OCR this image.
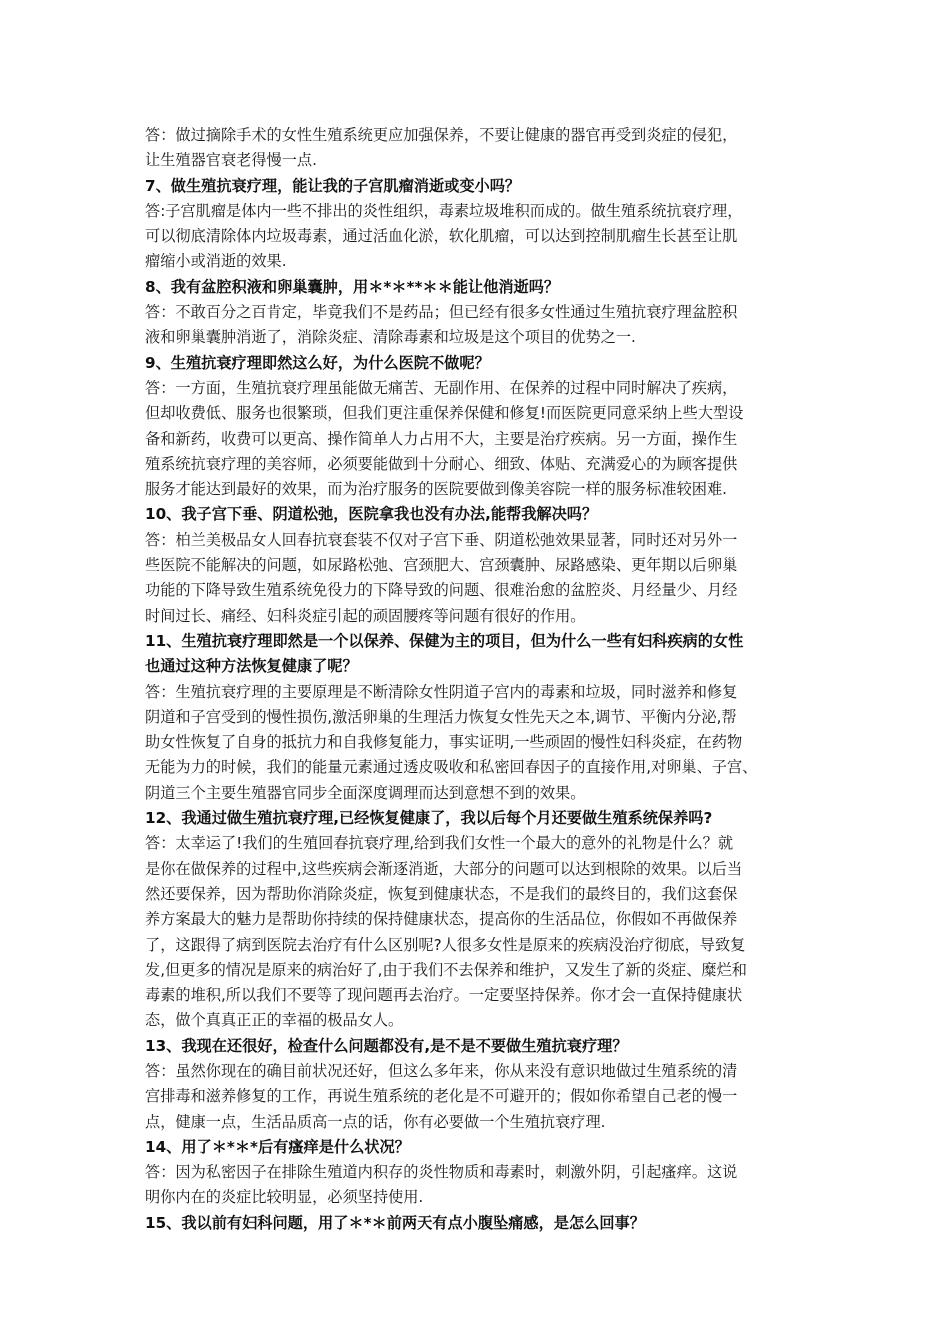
答：做过摘除手术的女性生殖系统更应加强保养，不要让健康的器官再受到炎症的侵犯，
让生殖器官衰老得慢一点.
7、做生殖抗衰疗理，能让我的子宫肌瘤消逝或变小吗？
答:子宫肌瘤是体内一些不排出的炎性组织，毒素垃圾堆积而成的。做生殖系统抗衰疗理，
可以彻底清除体内垃圾毒素，通过活血化淤，软化肌瘤，可以达到控制肌瘤生长甚至让肌
瘤缩小或消逝的效果.
8、我有盆腔积液和卵巢囊肿，用＊*＊**＊＊能让他消逝吗？
答：不敢百分之百肯定，毕竟我们不是药品；但已经有很多女性通过生殖抗衰疗理盆腔积
液和卵巢囊肿消逝了，消除炎症、清除毒素和垃圾是这个项目的优势之一.
9、生殖抗衰疗理即然这么好，为什么医院不做呢？
答：一方面，生殖抗衰疗理虽能做无痛苦、无副作用、在保养的过程中同时解决了疾病，
但却收费低、服务也很繁琐，但我们更注重保养保健和修复!而医院更同意采纳上些大型设
备和新药，收费可以更高、操作简单人力占用不大，主要是治疗疾病。另一方面，操作生
殖系统抗衰疗理的美容师，必须要能做到十分耐心、细致、体贴、充满爱心的为顾客提供
服务才能达到最好的效果，而为治疗服务的医院要做到像美容院一样的服务标准较困难.
10、我子宫下垂、阴道松弛，医院拿我也没有办法,能帮我解决吗？
答：柏兰美极品女人回春抗衰套装不仅对子宫下垂、阴道松弛效果显著，同时还对另外一
些医院不能解决的问题，如尿路松弛、宫颈肥大、宫颈囊肿、尿路感染、更年期以后卵巢
功能的下降导致生殖系统免役力的下降导致的问题、很难治愈的盆腔炎、月经量少、月经
时间过长、痛经、妇科炎症引起的顽固腰疼等问题有很好的作用。
11、生殖抗衰疗理即然是一个以保养、保健为主的项目，但为什么一些有妇科疾病的女性
也通过这种方法恢复健康了呢？
答：生殖抗衰疗理的主要原理是不断清除女性阴道子宫内的毒素和垃圾，同时滋养和修复
阴道和子宫受到的慢性损伤,激活卵巢的生理活力恢复女性先天之本,调节、平衡内分泌,帮
助女性恢复了自身的抵抗力和自我修复能力，事实证明,一些顽固的慢性妇科炎症，在药物
无能为力的时候，我们的能量元素通过透皮吸收和私密回春因子的直接作用,对卵巢、子宫、
阴道三个主要生殖器官同步全面深度调理而达到意想不到的效果。
12、我通过做生殖抗衰疗理,已经恢复健康了，我以后每个月还要做生殖系统保养吗?
答：太幸运了!我们的生殖回春抗衰疗理,给到我们女性一个最大的意外的礼物是什么？就
是你在做保养的过程中,这些疾病会渐逐消逝，大部分的问题可以达到根除的效果。以后当
然还要保养，因为帮助你消除炎症，恢复到健康状态，不是我们的最终目的，我们这套保
养方案最大的魅力是帮助你持续的保持健康状态，提高你的生活品位，你假如不再做保养
了，这跟得了病到医院去治疗有什么区别呢?人很多女性是原来的疾病没治疗彻底，导致复
发,但更多的情况是原来的病治好了,由于我们不去保养和维护，又发生了新的炎症、糜烂和
毒素的堆积,所以我们不要等了现问题再去治疗。一定要坚持保养。你才会一直保持健康状
态，做个真真正正的幸福的极品女人。
13、我现在还很好，检查什么问题都没有,是不是不要做生殖抗衰疗理？
答：虽然你现在的确目前状况还好，但这么多年来，你从来没有意识地做过生殖系统的清
宫排毒和滋养修复的工作，再说生殖系统的老化是不可避开的；假如你希望自己老的慢一
点，健康一点，生活品质高一点的话，你有必要做一个生殖抗衰疗理.
14、用了＊*＊*后有瘙痒是什么状况？
答：因为私密因子在排除生殖道内积存的炎性物质和毒素时，刺激外阴，引起瘙痒。这说
明你内在的炎症比较明显，必须坚持使用.
15、我以前有妇科问题，用了＊*＊前两天有点小腹坠痛感，是怎么回事？
